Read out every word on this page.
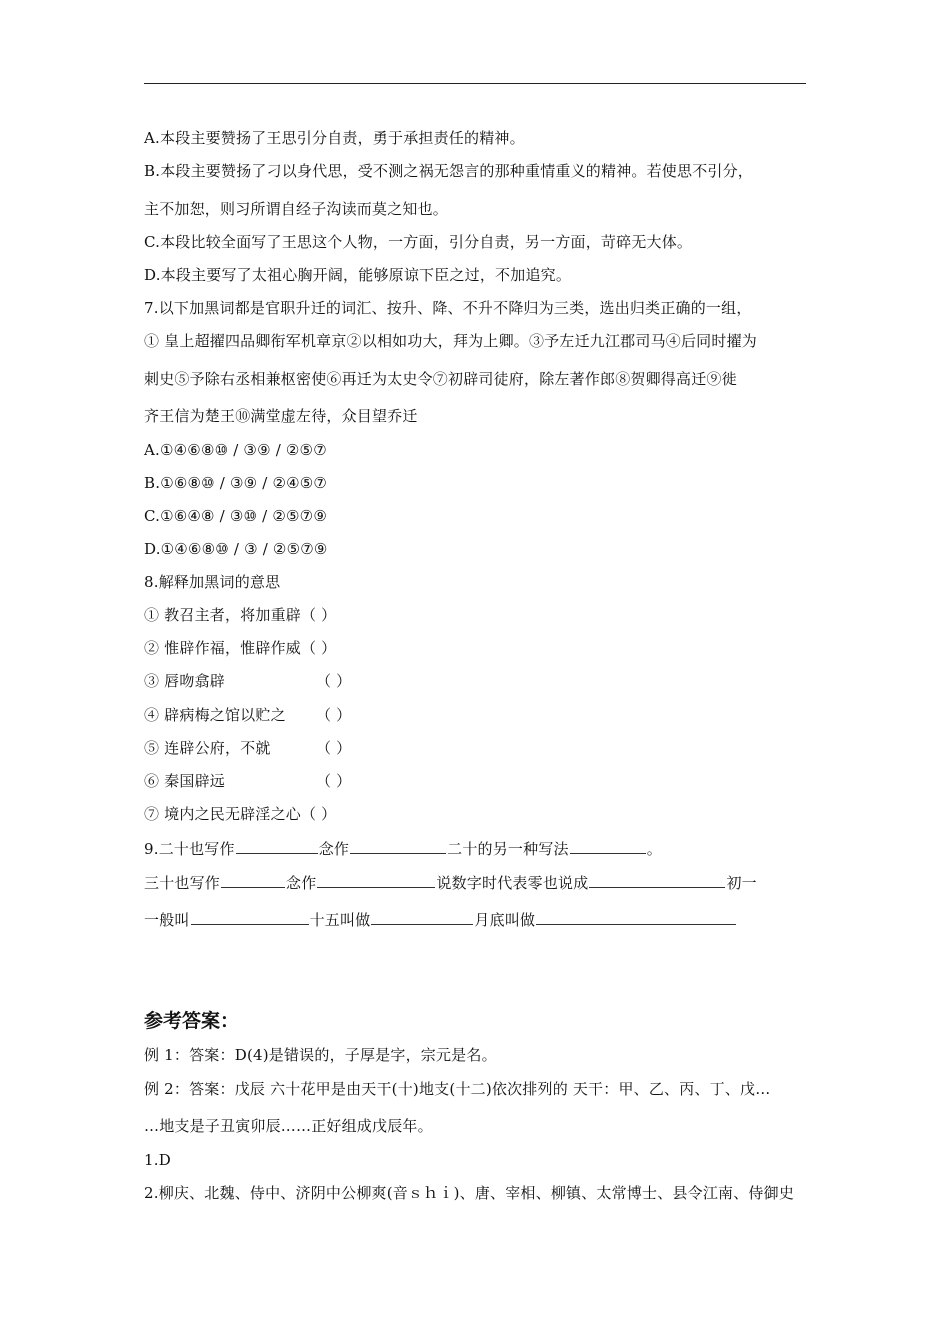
A.本段主要赞扬了王思引分自责，勇于承担责任的精神。
B.本段主要赞扬了刁以身代思，受不测之祸无怨言的那种重情重义的精神。若使思不引分，
主不加恕，则习所谓自经子沟读而莫之知也。
C.本段比较全面写了王思这个人物，一方面，引分自责，另一方面，苛碎无大体。
D.本段主要写了太祖心胸开阔，能够原谅下臣之过，不加追究。
7.以下加黑词都是官职升迁的词汇、按升、降、不升不降归为三类，选出归类正确的一组，
① 皇上超擢四品卿衔军机章京②以相如功大，拜为上卿。③予左迁九江郡司马④后同时擢为
刺史⑤予除右丞相兼枢密使⑥再迁为太史令⑦初辟司徒府，除左著作郎⑧贺卿得高迁⑨徙
齐王信为楚王⑩满堂虚左待，众目望乔迁
A.①④⑥⑧⑩ / ③⑨ / ②⑤⑦
B.①⑥⑧⑩ / ③⑨ / ②④⑤⑦
C.①⑥④⑧ / ③⑩ / ②⑤⑦⑨
D.①④⑥⑧⑩ / ③ / ②⑤⑦⑨
8.解释加黑词的意思
① 教召主者，将加重辟（ ）
② 惟辟作福，惟辟作威（ ）
③ 唇吻翕辟	（ ）
④ 辟病梅之馆以贮之 （ ）
⑤ 连辟公府，不就	（ ）
⑥ 秦国辟远	（ ）
⑦ 境内之民无辟淫之心（ ）
9.二十也写作	念作	二十的另一种写法	。
三十也写作	念作	说数字时代表零也说成	初一
一般叫	十五叫做	月底叫做
参考答案：
例 1：答案：D(4)是错误的，子厚是字，宗元是名。
例 2：答案：戊辰 六十花甲是由天干(十)地支(十二)依次排列的 天干：甲、乙、丙、丁、戊…
…地支是子丑寅卯辰……正好组成戊辰年。
1.D
2.柳庆、北魏、侍中、济阴中公柳爽(音ｓｈｉ)、唐、宰相、柳镇、太常博士、县令江南、侍御史
